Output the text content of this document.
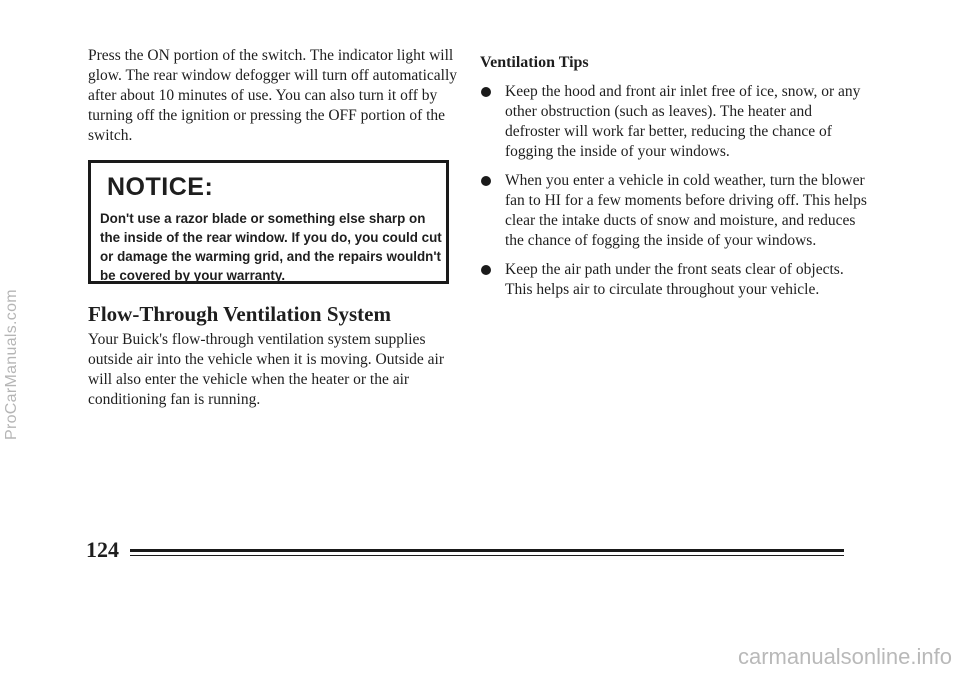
Press the ON portion of the switch. The indicator light will glow. The rear window defogger will turn off automatically after about 10 minutes of use. You can also turn it off by turning off the ignition or pressing the OFF portion of the switch.

NOTICE:

Don't use a razor blade or something else sharp on the inside of the rear window. If you do, you could cut or damage the warming grid, and the repairs wouldn't be covered by your warranty.

Flow-Through Ventilation System

Your Buick's flow-through ventilation system supplies outside air into the vehicle when it is moving. Outside air will also enter the vehicle when the heater or the air conditioning fan is running.

Ventilation Tips

Keep the hood and front air inlet free of ice, snow, or any other obstruction (such as leaves). The heater and defroster will work far better, reducing the chance of fogging the inside of your windows.

When you enter a vehicle in cold weather, turn the blower fan to HI for a few moments before driving off. This helps clear the intake ducts of snow and moisture, and reduces the chance of fogging the inside of your windows.

Keep the air path under the front seats clear of objects. This helps air to circulate throughout your vehicle.

124

ProCarManuals.com
carmanualsonline.info
